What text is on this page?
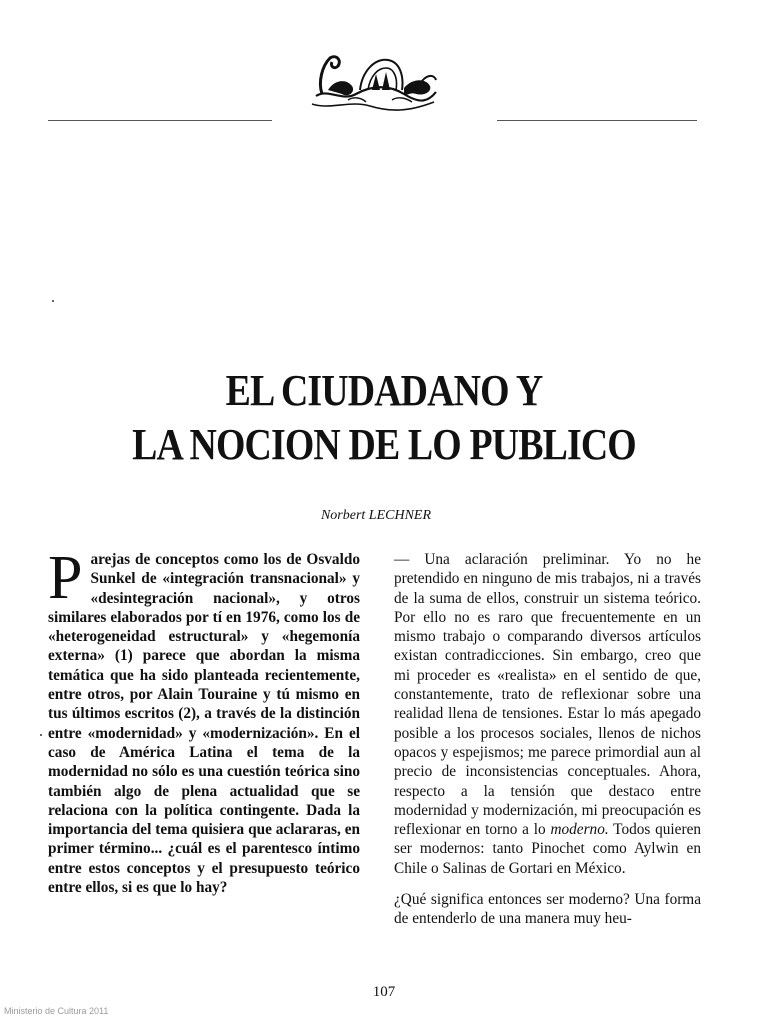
EL CIUDADANO Y
LA NOCION DE LO PUBLICO
Norbert LECHNER
P arejas de conceptos como los de Osvaldo Sunkel de «integración transnacional» y «desintegración nacional», y otros similares elaborados por tí en 1976, como los de «heterogeneidad estructural» y «hegemonía externa» (1) parece que abordan la misma temática que ha sido planteada recientemente, entre otros, por Alain Touraine y tú mismo en tus últimos escritos (2), a través de la distinción entre «modernidad» y «modernización». En el caso de América Latina el tema de la modernidad no sólo es una cuestión teórica sino también algo de plena actualidad que se relaciona con la política contingente. Dada la importancia del tema quisiera que aclararas, en primer término... ¿cuál es el parentesco íntimo entre estos conceptos y el presupuesto teórico entre ellos, si es que lo hay?

— Una aclaración preliminar. Yo no he pretendido en ninguno de mis trabajos, ni a través de la suma de ellos, construir un sistema teórico. Por ello no es raro que frecuentemente en un mismo trabajo o comparando diversos artículos existan contradicciones. Sin embargo, creo que mi proceder es «realista» en el sentido de que, constantemente, trato de reflexionar sobre una realidad llena de tensiones. Estar lo más apegado posible a los procesos sociales, llenos de nichos opacos y espejismos; me parece primordial aun al precio de inconsistencias conceptuales. Ahora, respecto a la tensión que destaco entre modernidad y modernización, mi preocupación es reflexionar en torno a lo moderno. Todos quieren ser modernos: tanto Pinochet como Aylwin en Chile o Salinas de Gortari en México.

¿Qué significa entonces ser moderno? Una forma de entenderlo de una manera muy heu-

107
Ministerio de Cultura 2011
